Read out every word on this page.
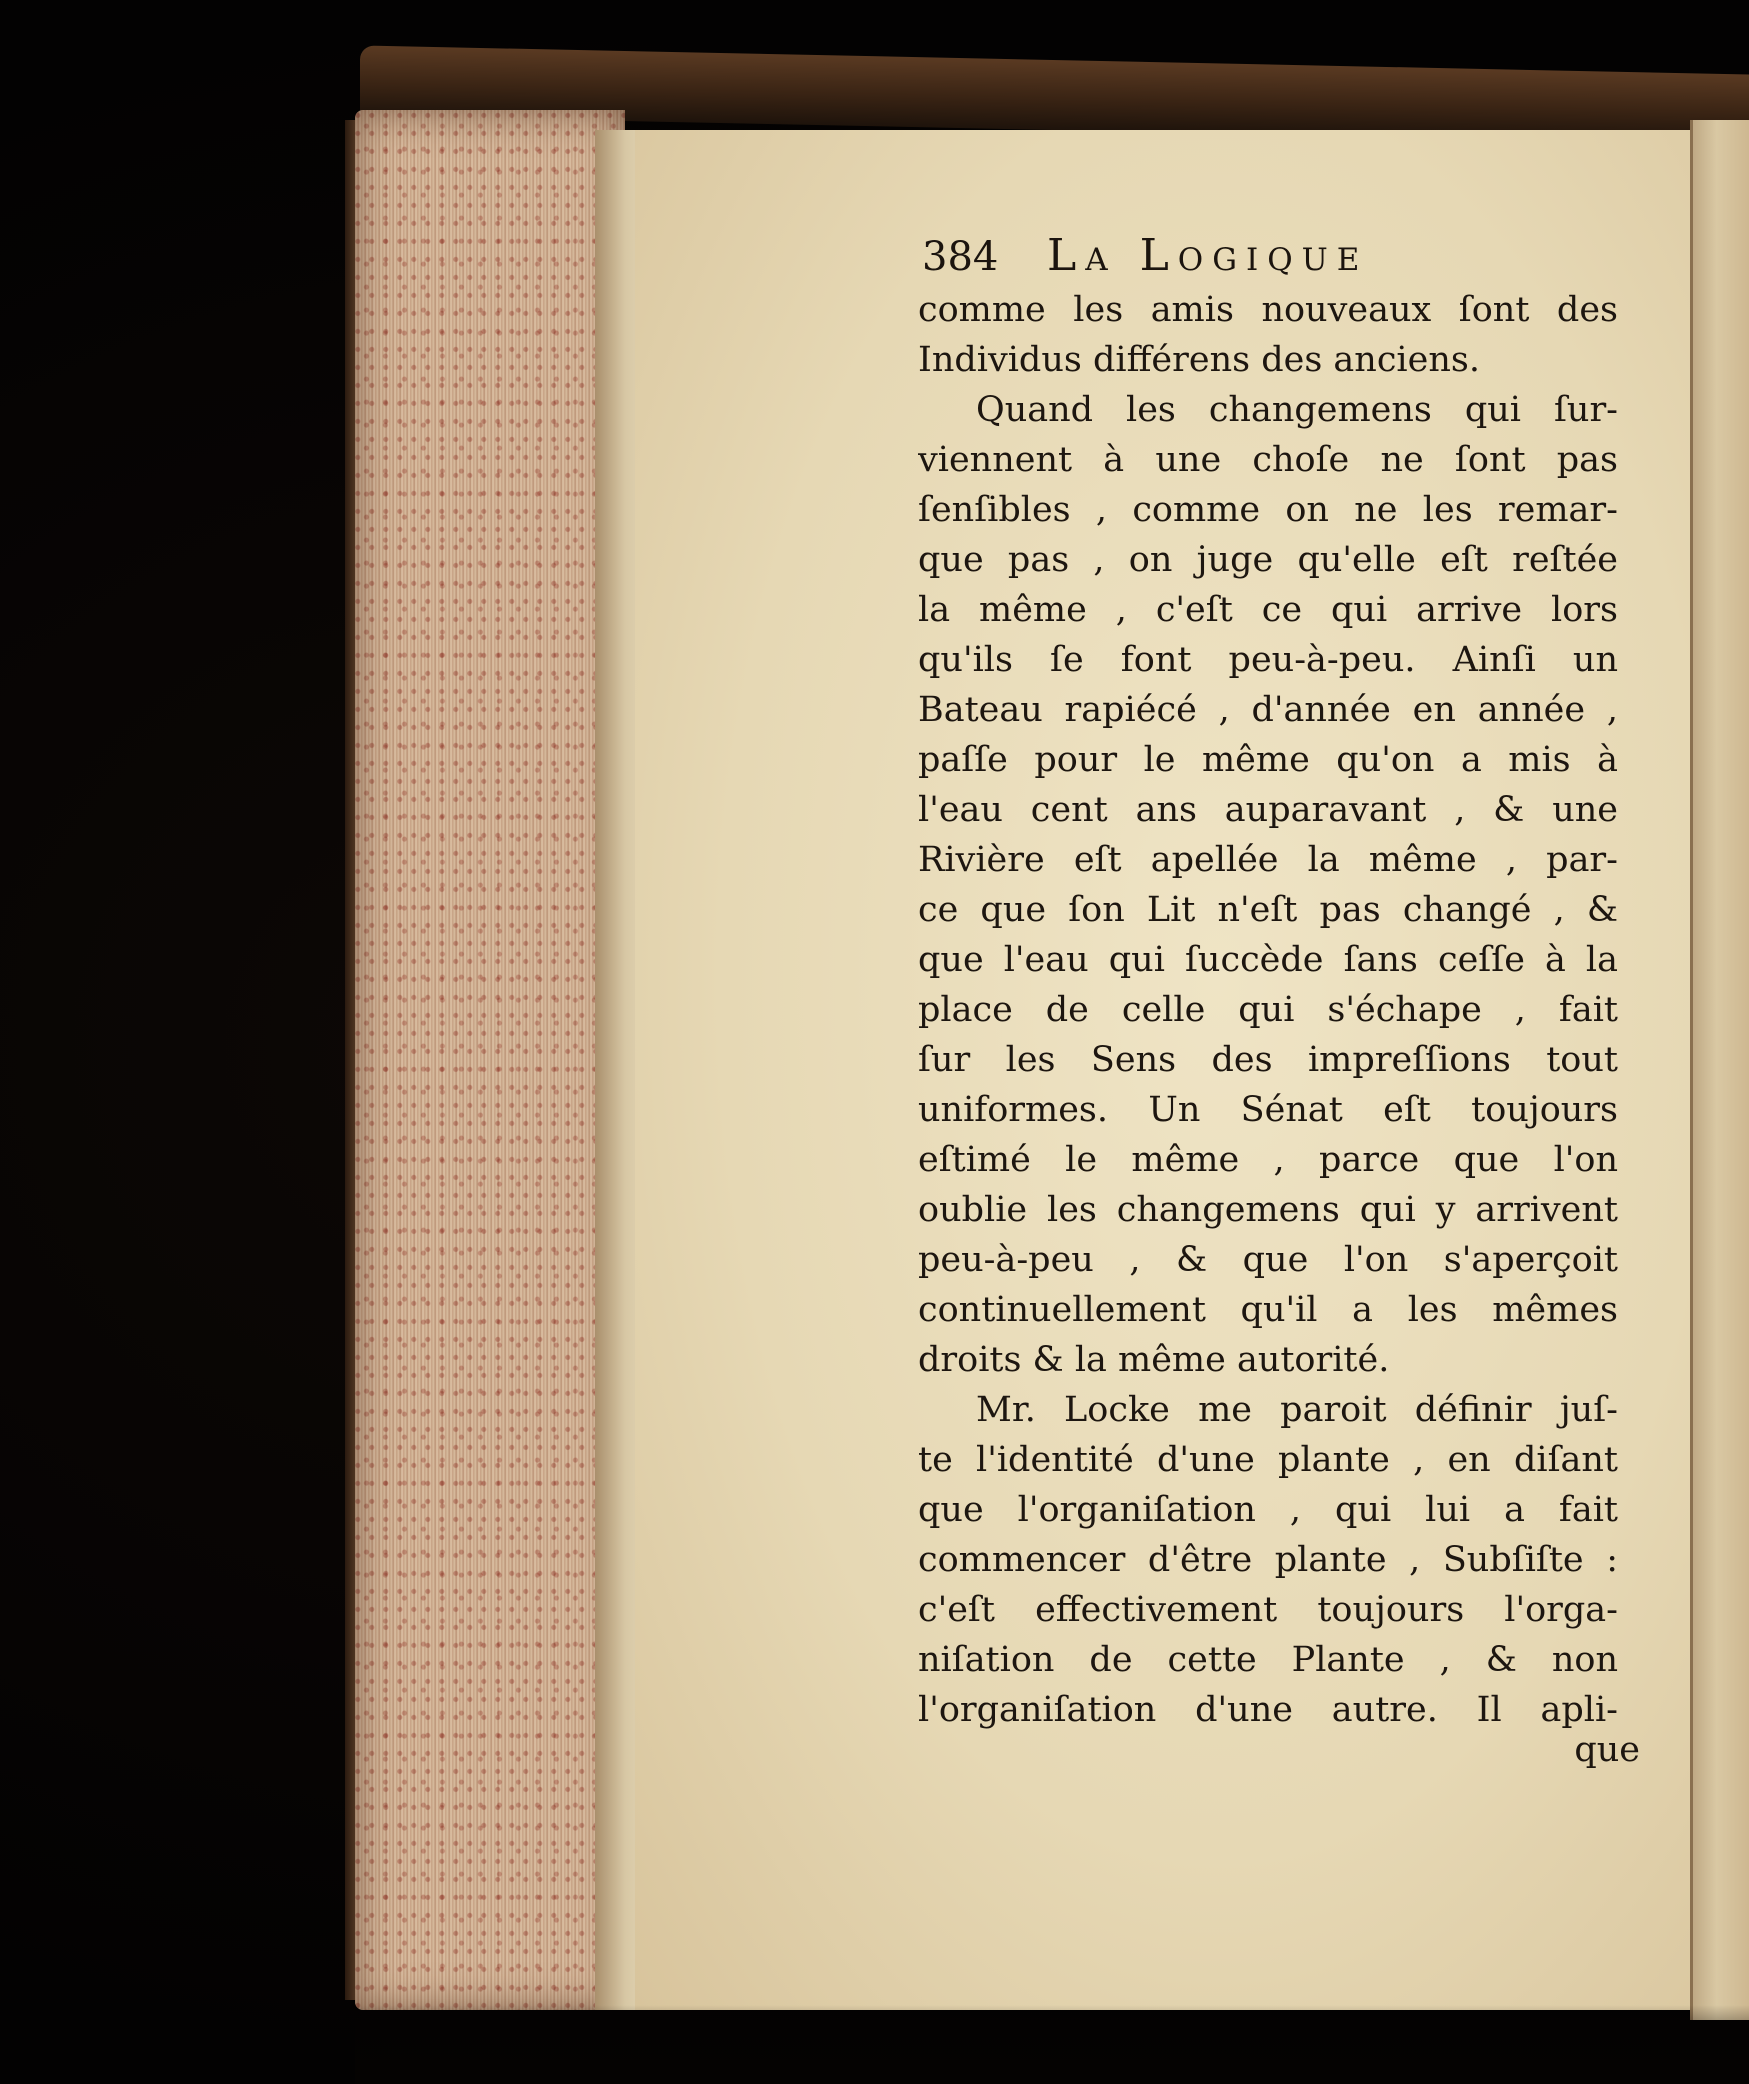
384 La Logique
comme les amis nouveaux ſont des
Individus différens des anciens.
Quand les changemens qui ſur-
viennent à une choſe ne ſont pas
ſenſibles , comme on ne les remar-
que pas , on juge qu'elle eſt reſtée
la même , c'eſt ce qui arrive lors
qu'ils ſe font peu-à-peu. Ainſi un
Bateau rapiécé , d'année en année ,
paſſe pour le même qu'on a mis à
l'eau cent ans auparavant , & une
Rivière eſt apellée la même , par-
ce que ſon Lit n'eſt pas changé , &
que l'eau qui ſuccède ſans ceſſe à la
place de celle qui s'échape , fait
ſur les Sens des impreſſions tout
uniformes. Un Sénat eſt toujours
eſtimé le même , parce que l'on
oublie les changemens qui y arrivent
peu-à-peu , & que l'on s'aperçoit
continuellement qu'il a les mêmes
droits & la même autorité.
Mr. Locke me paroit définir juſ-
te l'identité d'une plante , en diſant
que l'organiſation , qui lui a fait
commencer d'être plante , Subſiſte :
c'eſt effectivement toujours l'orga-
niſation de cette Plante , & non
l'organiſation d'une autre. Il apli-
que
